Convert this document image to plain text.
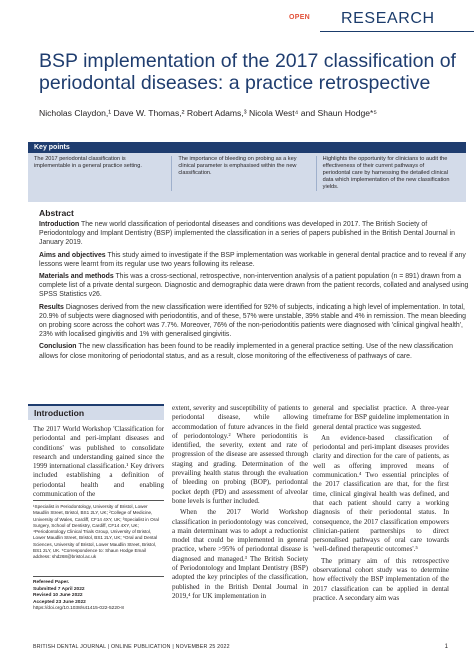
OPEN RESEARCH
BSP implementation of the 2017 classification of periodontal diseases: a practice retrospective
Nicholas Claydon,¹ Dave W. Thomas,² Robert Adams,³ Nicola West⁴ and Shaun Hodge*⁵
Key points
The 2017 periodontal classification is implementable in a general practice setting.
The importance of bleeding on probing as a key clinical parameter is emphasised within the new classification.
Highlights the opportunity for clinicians to audit the effectiveness of their current pathways of periodontal care by harnessing the detailed clinical data which implementation of the new classification yields.
Abstract

Introduction The new world classification of periodontal diseases and conditions was developed in 2017. The British Society of Periodontology and Implant Dentistry (BSP) implemented the classification in a series of papers published in the British Dental Journal in January 2019.

Aims and objectives This study aimed to investigate if the BSP implementation was workable in general dental practice and to reveal if any lessons were learnt from its regular use two years following its release.

Materials and methods This was a cross-sectional, retrospective, non-intervention analysis of a patient population (n = 891) drawn from a complete list of a private dental surgeon. Diagnostic and demographic data were drawn from the patient records, collated and analysed using SPSS Statistics v26.

Results Diagnoses derived from the new classification were identified for 92% of subjects, indicating a high level of implementation. In total, 20.9% of subjects were diagnosed with periodontitis, and of these, 57% were unstable, 39% stable and 4% in remission. The mean bleeding on probing score across the cohort was 7.7%. Moreover, 76% of the non-periodontitis patients were diagnosed with 'clinical gingival health', 23% with localised gingivitis and 1% with generalised gingivitis.

Conclusion The new classification has been found to be readily implemented in a general practice setting. Use of the new classification allows for close monitoring of periodontal status, and as a result, close monitoring of the effectiveness of pathways of care.

Introduction

The 2017 World Workshop 'Classification for periodontal and peri-implant diseases and conditions' was published to consolidate research and understanding gained since the 1999 international classification.¹ Key drivers included establishing a definition of periodontal health and enabling communication of the

¹Specialist in Periodontology, University of Bristol, Lower Maudlin Street, Bristol, BS1 2LY, UK; ²College of Medicine, University of Wales, Cardiff, CF14 4XY, UK; ³Specialist in Oral Surgery, School of Dentistry, Cardiff, CF14 4XY, UK; ⁴Periodontology Clinical Trials Group, University of Bristol, Lower Maudlin Street, Bristol, BS1 2LY, UK; ⁵Oral and Dental Sciences, University of Bristol, Lower Maudlin Street, Bristol, BS1 2LY, UK. *Correspondence to: Shaun Hodge Email address: shd268@bristol.ac.uk
Refereed Paper.
Submitted 7 April 2022
Revised 10 June 2022
Accepted 23 June 2022
https://doi.org/10.1038/s41415-022-5220-8

extent, severity and susceptibility of patients to periodontal disease, while allowing accommodation of future advances in the field of periodontology.² Where periodontitis is identified, the severity, extent and rate of progression of the disease are assessed through staging and grading. Determination of the prevailing health status through the evaluation of bleeding on probing (BOP), periodontal pocket depth (PD) and assessment of alveolar bone levels is further included.

When the 2017 World Workshop classification in periodontology was conceived, a main determinant was to adopt a reductionist model that could be implemented in general practice, where >95% of periodontal disease is diagnosed and managed.³ The British Society of Periodontology and Implant Dentistry (BSP) adopted the key principles of the classification, published in the British Dental Journal in 2019,⁴ for UK implementation in

general and specialist practice. A three-year timeframe for BSP guideline implementation in general dental practice was suggested.

An evidence-based classification of periodontal and peri-implant diseases provides clarity and direction for the care of patients, as well as offering improved means of communication.⁴ Two essential principles of the 2017 classification are that, for the first time, clinical gingival health was defined, and that each patient should carry a working diagnosis of their periodontal status. In consequence, the 2017 classification empowers clinician-patient partnerships to direct personalised pathways of oral care towards 'well-defined therapeutic outcomes'.⁵

The primary aim of this retrospective observational cohort study was to determine how effectively the BSP implementation of the 2017 classification can be applied in dental practice. A secondary aim was

BRITISH DENTAL JOURNAL | ONLINE PUBLICATION | NOVEMBER 25 2022	1
